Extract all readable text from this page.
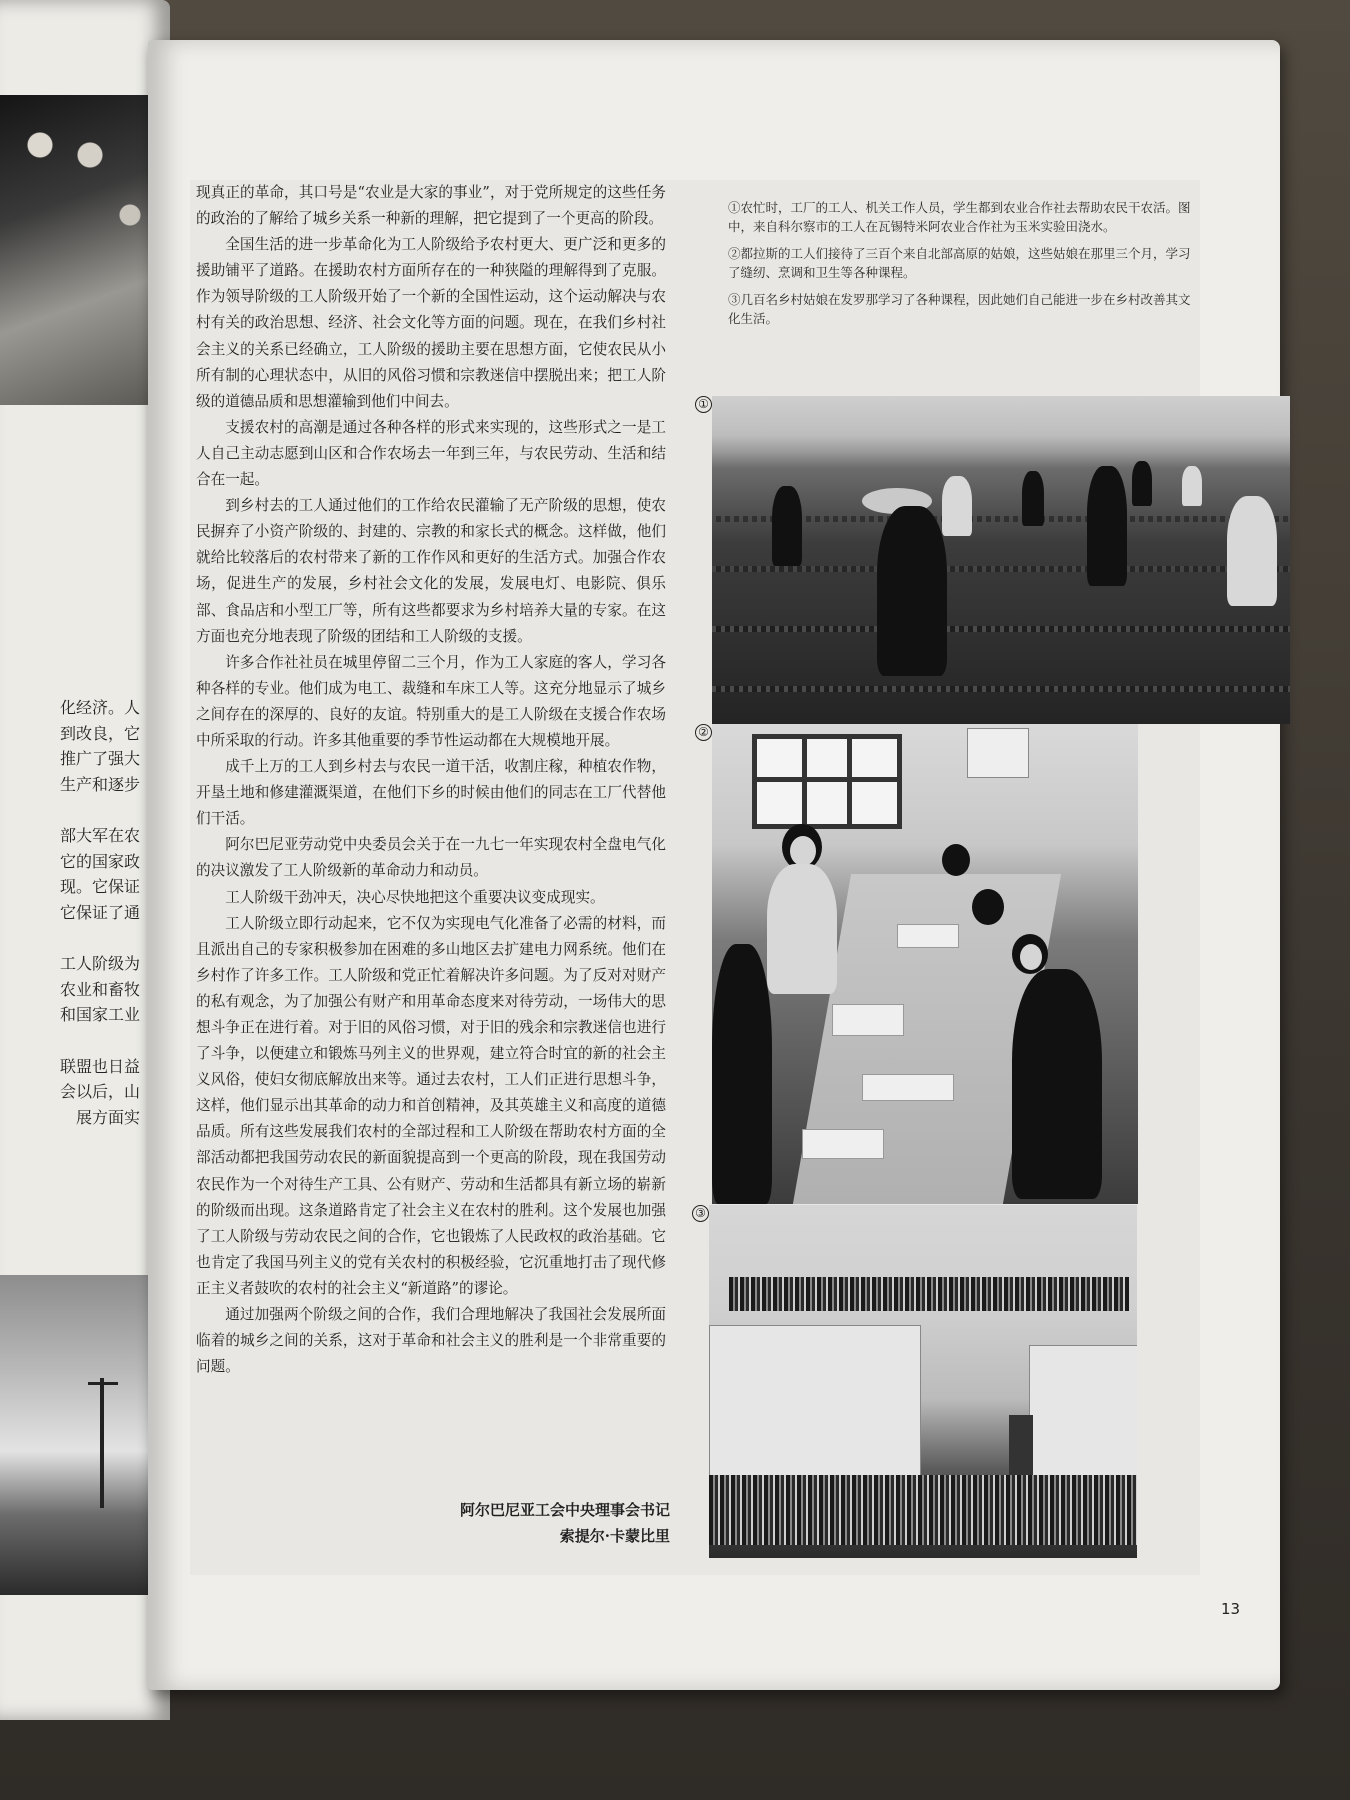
化经济。人
到改良，它
推广了强大
生产和逐步
部大军在农
它的国家政
现。它保证
它保证了通
工人阶级为
农业和畜牧
和国家工业
联盟也日益
会以后，山
展方面实

现真正的革命，其口号是“农业是大家的事业”，对于党所规定的这些任务的政治的了解给了城乡关系一种新的理解，把它提到了一个更高的阶段。

全国生活的进一步革命化为工人阶级给予农村更大、更广泛和更多的援助铺平了道路。在援助农村方面所存在的一种狭隘的理解得到了克服。作为领导阶级的工人阶级开始了一个新的全国性运动，这个运动解决与农村有关的政治思想、经济、社会文化等方面的问题。现在，在我们乡村社会主义的关系已经确立，工人阶级的援助主要在思想方面，它使农民从小所有制的心理状态中，从旧的风俗习惯和宗教迷信中摆脱出来；把工人阶级的道德品质和思想灌输到他们中间去。

支援农村的高潮是通过各种各样的形式来实现的，这些形式之一是工人自己主动志愿到山区和合作农场去一年到三年，与农民劳动、生活和结合在一起。

到乡村去的工人通过他们的工作给农民灌输了无产阶级的思想，使农民摒弃了小资产阶级的、封建的、宗教的和家长式的概念。这样做，他们就给比较落后的农村带来了新的工作作风和更好的生活方式。加强合作农场，促进生产的发展，乡村社会文化的发展，发展电灯、电影院、俱乐部、食品店和小型工厂等，所有这些都要求为乡村培养大量的专家。在这方面也充分地表现了阶级的团结和工人阶级的支援。

许多合作社社员在城里停留二三个月，作为工人家庭的客人，学习各种各样的专业。他们成为电工、裁缝和车床工人等。这充分地显示了城乡之间存在的深厚的、良好的友谊。特别重大的是工人阶级在支援合作农场中所采取的行动。许多其他重要的季节性运动都在大规模地开展。

成千上万的工人到乡村去与农民一道干活，收割庄稼，种植农作物，开垦土地和修建灌溉渠道，在他们下乡的时候由他们的同志在工厂代替他们干活。

阿尔巴尼亚劳动党中央委员会关于在一九七一年实现农村全盘电气化的决议激发了工人阶级新的革命动力和动员。

工人阶级干劲冲天，决心尽快地把这个重要决议变成现实。

工人阶级立即行动起来，它不仅为实现电气化准备了必需的材料，而且派出自己的专家积极参加在困难的多山地区去扩建电力网系统。他们在乡村作了许多工作。工人阶级和党正忙着解决许多问题。为了反对对财产的私有观念，为了加强公有财产和用革命态度来对待劳动，一场伟大的思想斗争正在进行着。对于旧的风俗习惯，对于旧的残余和宗教迷信也进行了斗争，以便建立和锻炼马列主义的世界观，建立符合时宜的新的社会主义风俗，使妇女彻底解放出来等。通过去农村，工人们正进行思想斗争，这样，他们显示出其革命的动力和首创精神，及其英雄主义和高度的道德品质。所有这些发展我们农村的全部过程和工人阶级在帮助农村方面的全部活动都把我国劳动农民的新面貌提高到一个更高的阶段，现在我国劳动农民作为一个对待生产工具、公有财产、劳动和生活都具有新立场的崭新的阶级而出现。这条道路肯定了社会主义在农村的胜利。这个发展也加强了工人阶级与劳动农民之间的合作，它也锻炼了人民政权的政治基础。它也肯定了我国马列主义的党有关农村的积极经验，它沉重地打击了现代修正主义者鼓吹的农村的社会主义“新道路”的谬论。

通过加强两个阶级之间的合作，我们合理地解决了我国社会发展所面临着的城乡之间的关系，这对于革命和社会主义的胜利是一个非常重要的问题。

阿尔巴尼亚工会中央理事会书记
索提尔·卡蒙比里

①农忙时，工厂的工人、机关工作人员，学生都到农业合作社去帮助农民干农活。图中，来自科尔察市的工人在瓦锡特米阿农业合作社为玉米实验田浇水。

②都拉斯的工人们接待了三百个来自北部高原的姑娘，这些姑娘在那里三个月，学习了缝纫、烹调和卫生等各种课程。

③几百名乡村姑娘在发罗那学习了各种课程，因此她们自己能进一步在乡村改善其文化生活。

①
②
③
13
